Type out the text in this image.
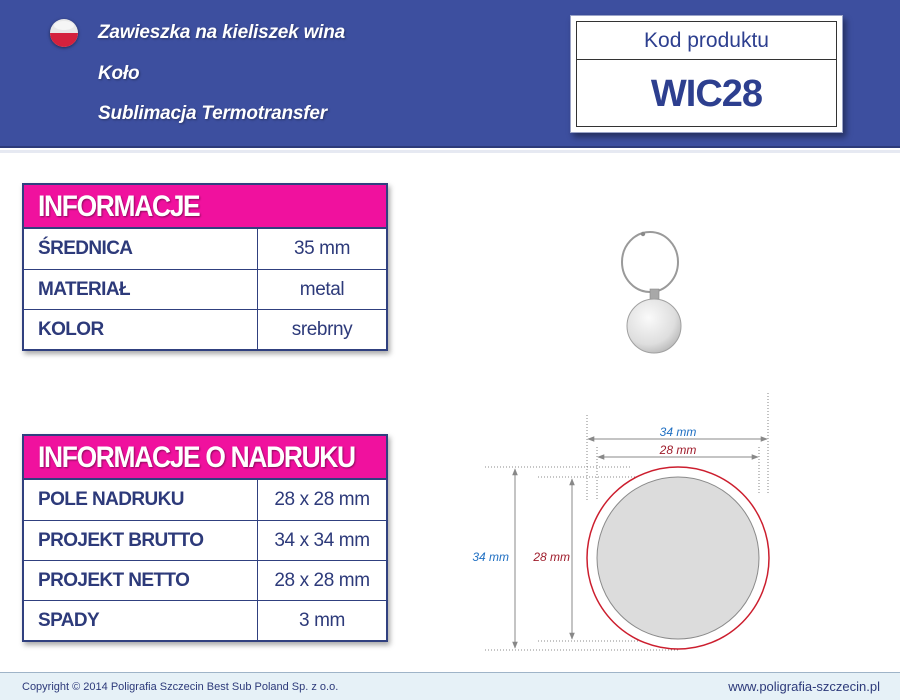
Zawieszka na kieliszek wina
Koło
Sublimacja Termotransfer
Kod produktu
WIC28
INFORMACJE
ŚREDNICA	35 mm
MATERIAŁ	metal
KOLOR	srebrny
INFORMACJE O NADRUKU
POLE NADRUKU	28 x 28 mm
PROJEKT BRUTTO	34 x 34 mm
PROJEKT NETTO	28 x 28 mm
SPADY	3 mm
34 mm
28 mm
34 mm 28 mm
Copyright © 2014 Poligrafia Szczecin Best Sub Poland Sp. z o.o.	www.poligrafia-szczecin.pl
